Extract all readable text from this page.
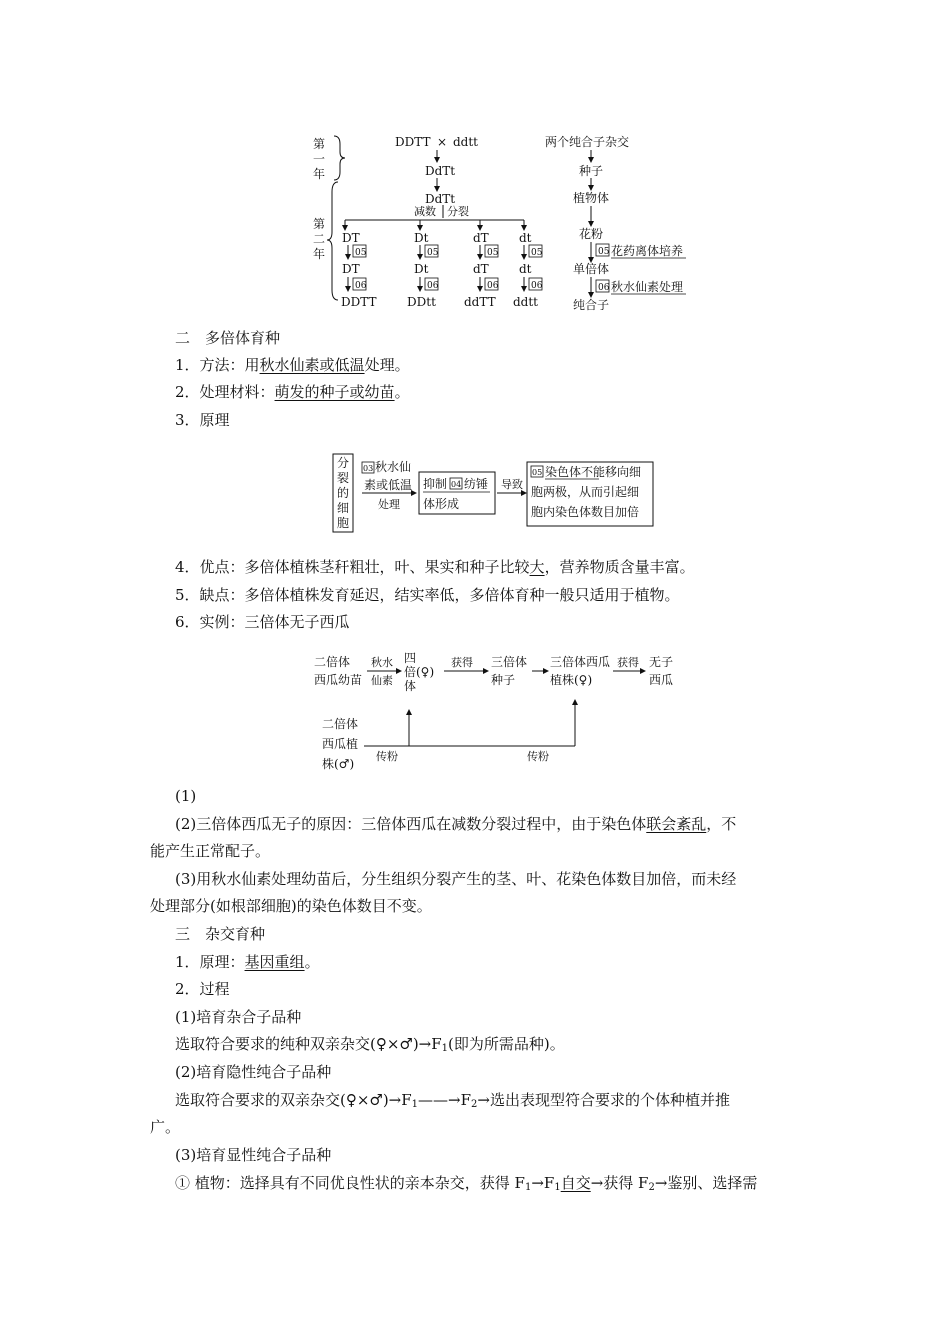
第一年
第二年
DDTT × ddtt
DdTt
DdTt
减数 分裂
DT	Dt	dT	dt
05	05	05	05
DT	Dt	dT	dt
06	06	06	06
DDTT	DDtt ddTT ddtt
两个纯合子杂交
种子
植物体
花粉
05 花药离体培养
单倍体
06 秋水仙素处理
纯合子
二　多倍体育种
1．方法：用秋水仙素或低温处理。
2．处理材料：萌发的种子或幼苗。
3．原理
分裂的细胞
03 秋水仙
素或低温
处理
抑制 04 纺锤
体形成
导致
05 染色体不能移向细
胞两极，从而引起细
胞内染色体数目加倍
4．优点：多倍体植株茎秆粗壮，叶、果实和种子比较大，营养物质含量丰富。
5．缺点：多倍体植株发育延迟，结实率低，多倍体育种一般只适用于植物。
6．实例：三倍体无子西瓜
二倍体
西瓜幼苗
秋水
仙素
四
倍(♀)
体
获得 三倍体
种子
三倍体西瓜
植株(♀)
获得 无子
西瓜
二倍体
西瓜植
株(♂)
传粉	传粉
(1)
(2)三倍体西瓜无子的原因：三倍体西瓜在减数分裂过程中，由于染色体联会紊乱，不
能产生正常配子。
(3)用秋水仙素处理幼苗后，分生组织分裂产生的茎、叶、花染色体数目加倍，而未经
处理部分(如根部细胞)的染色体数目不变。
三　杂交育种
1．原理：基因重组。
2．过程
(1)培育杂合子品种
选取符合要求的纯种双亲杂交$(♀\times♂)\to F_1$(即为所需品种)。
(2)培育隐性纯合子品种
选取符合要求的双亲杂交$(♀\times♂)\to F_1——\to F_2\to$选出表现型符合要求的个体种植并推
广。
(3)培育显性纯合子品种
① 植物：选择具有不同优良性状的亲本杂交，获得 $F_1\to F_1$自交→获得 $F_2\to$鉴别、选择需
